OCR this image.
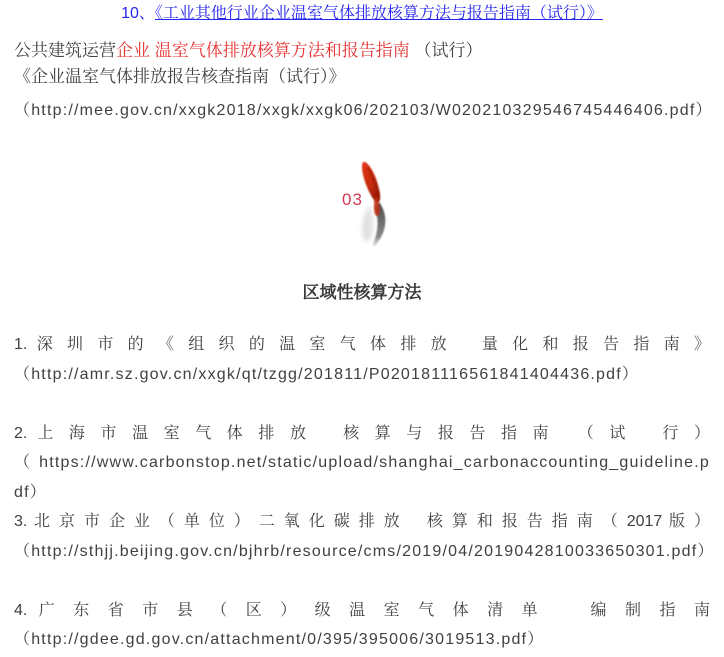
10、《工业其他行业企业温室气体排放核算方法与报告指南（试行）》

公共建筑运营企业 温室气体排放核算方法和报告指南 （试行）

《企业温室气体排放报告核查指南（试行）》

（http://mee.gov.cn/xxgk2018/xxgk/xxgk06/202103/W020210329546745446406.pdf）

03

区域性核算方法

1. 深 圳 市 的 《 组 织 的 温 室 气 体 排 放 　量 化 和 报 告 指 南 》

（http://amr.sz.gov.cn/xxgk/qt/tzgg/201811/P020181116561841404436.pdf）

2. 上 海 市 温 室 气 体 排 放 　核 算 与 报 告 指 南 　（ 试 　行 ）

（https://www.carbonstop.net/static/upload/shanghai_carbonaccounting_guideline.pdf）

3. 北 京 市 企 业 （ 单 位 ） 二 氧 化 碳 排 放 　核 算 和 报 告 指 南 （ 2017 版 ）

（http://sthjj.beijing.gov.cn/bjhrb/resource/cms/2019/04/2019042810033650301.pdf）

4. 广 东 省 市 县 （ 区 ） 级 温 室 气 体 清 单 　 编 制 指 南

（http://gdee.gd.gov.cn/attachment/0/395/395006/3019513.pdf）
